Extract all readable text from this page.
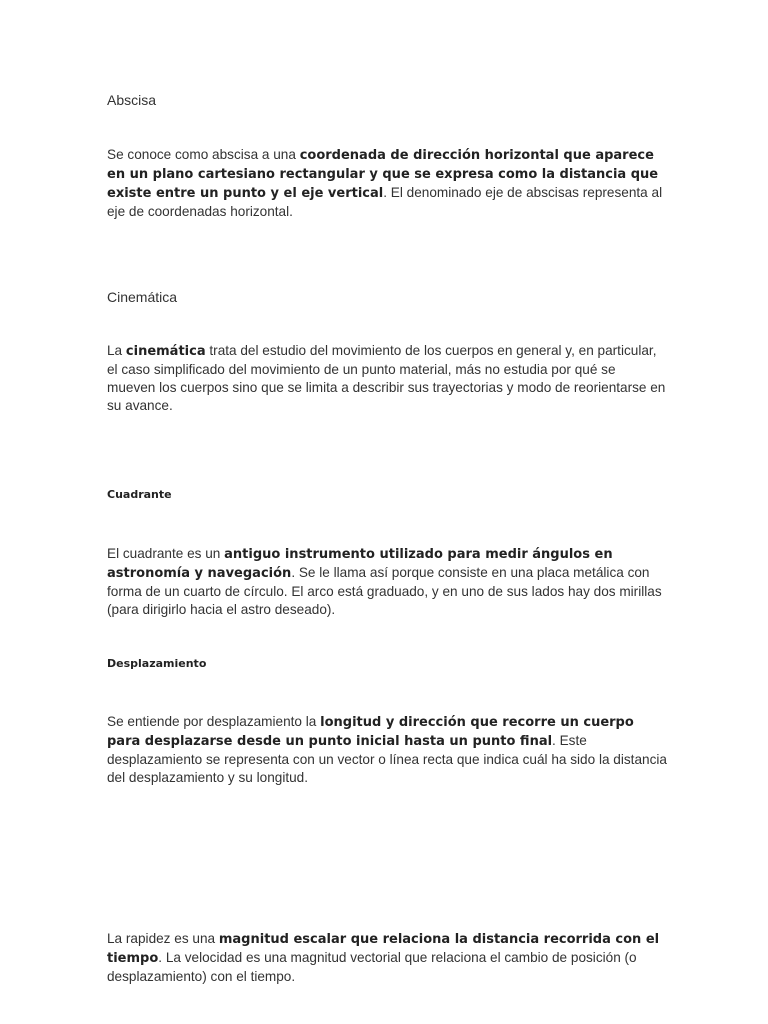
Abscisa

Se conoce como abscisa a una coordenada de dirección horizontal que aparece en un plano cartesiano rectangular y que se expresa como la distancia que existe entre un punto y el eje vertical. El denominado eje de abscisas representa al eje de coordenadas horizontal.

Cinemática

La cinemática trata del estudio del movimiento de los cuerpos en general y, en particular, el caso simplificado del movimiento de un punto material, más no estudia por qué se mueven los cuerpos sino que se limita a describir sus trayectorias y modo de reorientarse en su avance.

Cuadrante

El cuadrante es un antiguo instrumento utilizado para medir ángulos en astronomía y navegación. Se le llama así porque consiste en una placa metálica con forma de un cuarto de círculo. El arco está graduado, y en uno de sus lados hay dos mirillas (para dirigirlo hacia el astro deseado).

Desplazamiento

Se entiende por desplazamiento la longitud y dirección que recorre un cuerpo para desplazarse desde un punto inicial hasta un punto final. Este desplazamiento se representa con un vector o línea recta que indica cuál ha sido la distancia del desplazamiento y su longitud.

La rapidez es una magnitud escalar que relaciona la distancia recorrida con el tiempo. La velocidad es una magnitud vectorial que relaciona el cambio de posición (o desplazamiento) con el tiempo.
